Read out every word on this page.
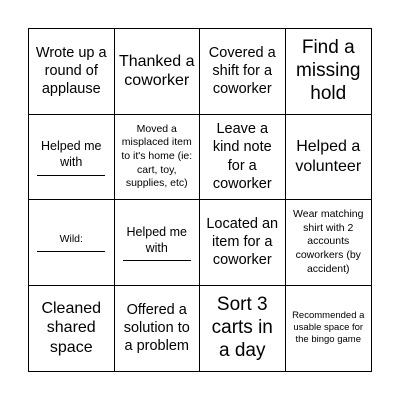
Wrote up a round of applause
Thanked a coworker
Covered a shift for a coworker
Find a missing hold

Helped me with

Moved a misplaced item to it's home (ie: cart, toy, supplies, etc)
Leave a kind note for a coworker
Helped a volunteer

Wild:

Helped me with

Located an item for a coworker
Wear matching shirt with 2 accounts coworkers (by accident)
Cleaned shared space
Offered a solution to a problem
Sort 3 carts in a day
Recommended a usable space for the bingo game
